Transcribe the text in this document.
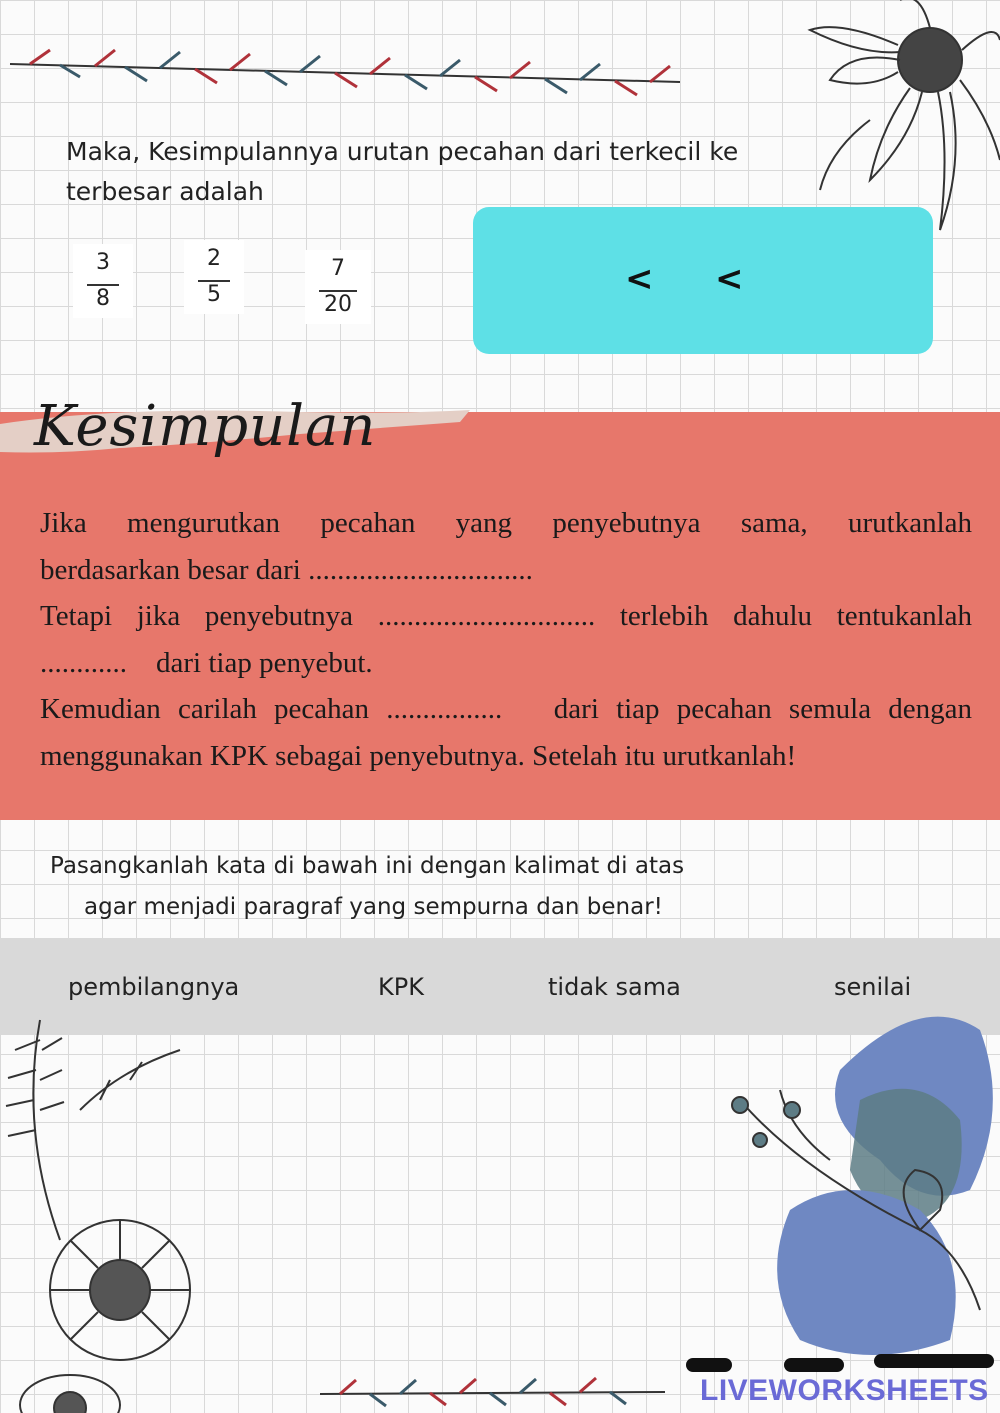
Maka, Kesimpulannya urutan pecahan dari terkecil ke
terbesar adalah
3
8
2
5
7
20
< <
Kesimpulan
Jika mengurutkan pecahan yang penyebutnya sama, urutkanlah
berdasarkan besar dari ...............................
Tetapi jika penyebutnya .............................. terlebih dahulu tentukanlah
............    dari tiap penyebut.
Kemudian carilah pecahan ................   dari tiap pecahan semula dengan
menggunakan KPK sebagai penyebutnya. Setelah itu urutkanlah!
Pasangkanlah kata di bawah ini dengan kalimat di atas
agar menjadi paragraf yang sempurna dan benar!
pembilangnya	KPK	tidak sama	senilai
LIVEWORKSHEETS
